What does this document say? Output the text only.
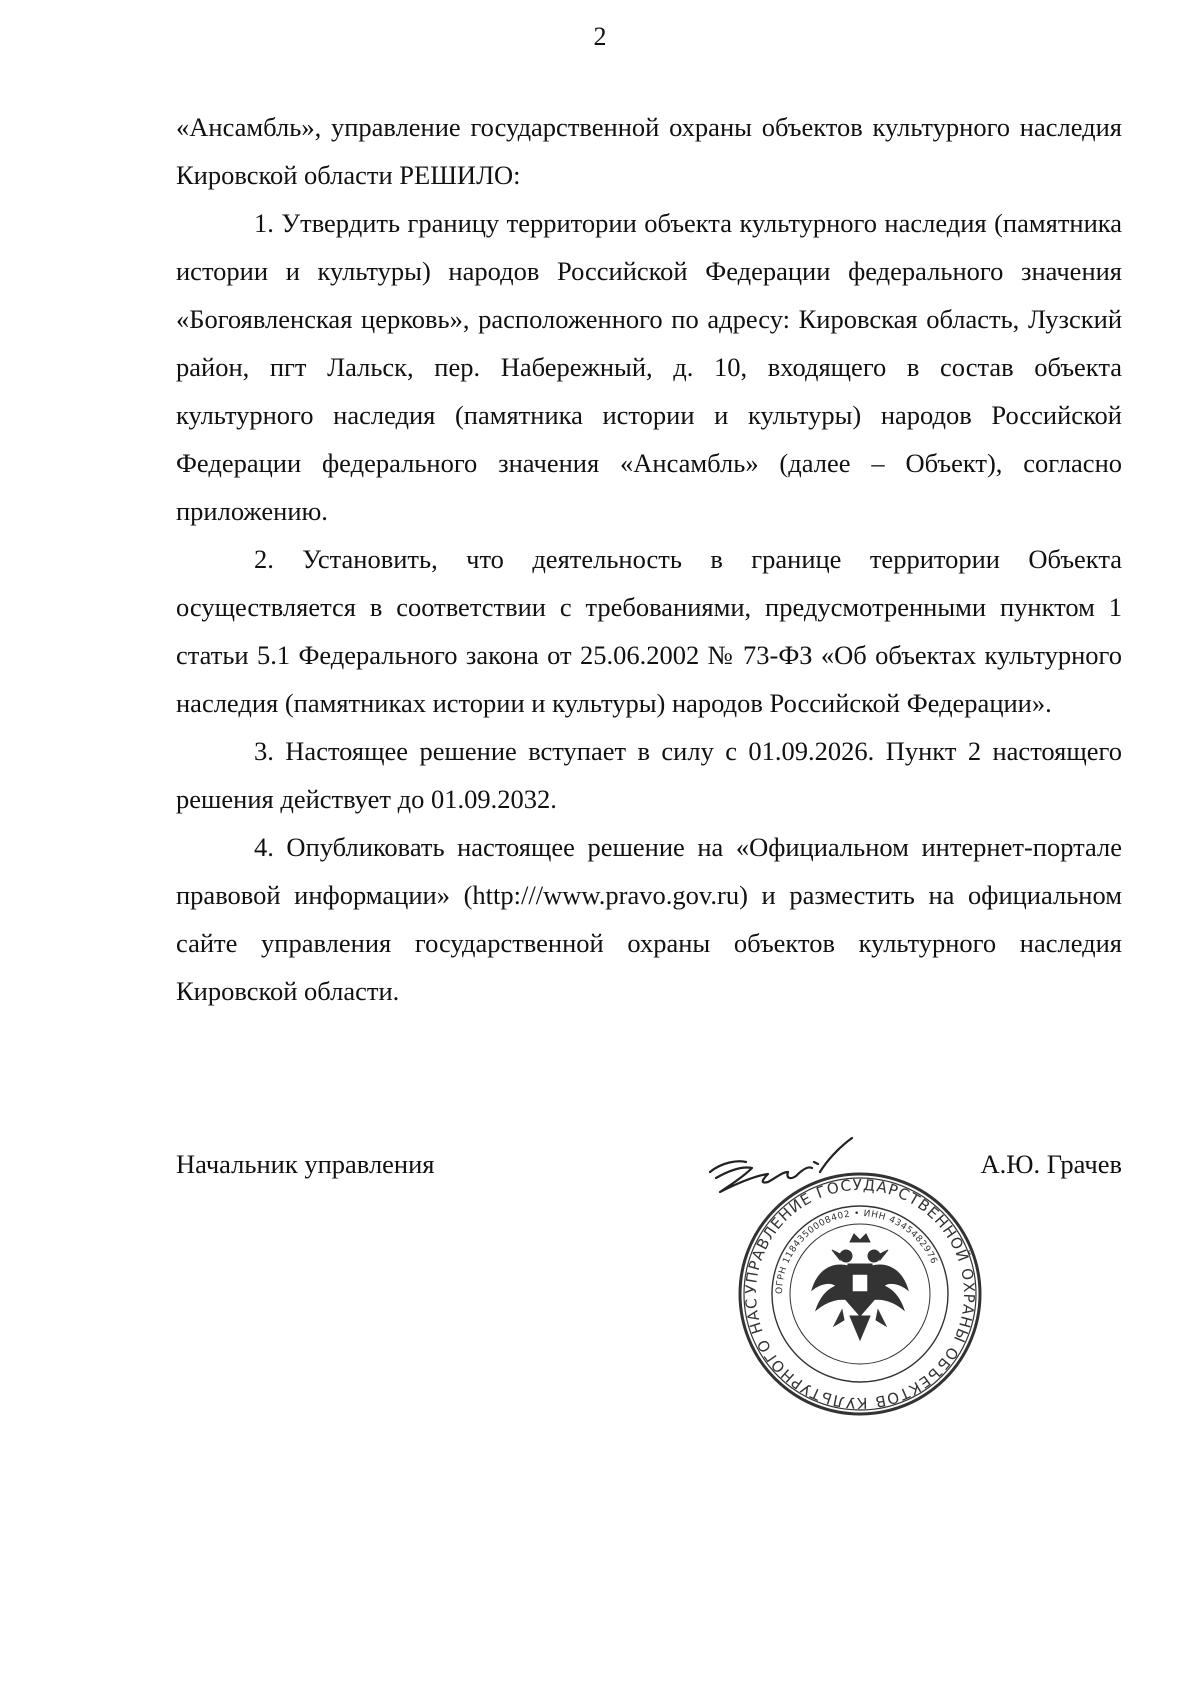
2

«Ансамбль», управление государственной охраны объектов культурного наследия Кировской области РЕШИЛО:

1. Утвердить границу территории объекта культурного наследия (памятника истории и культуры) народов Российской Федерации федерального значения «Богоявленская церковь», расположенного по адресу: Кировская область, Лузский район, пгт Лальск, пер. Набережный, д. 10, входящего в состав объекта культурного наследия (памятника истории и культуры) народов Российской Федерации федерального значения «Ансамбль» (далее – Объект), согласно приложению.

2. Установить, что деятельность в границе территории Объекта осуществляется в соответствии с требованиями, предусмотренными пунктом 1 статьи 5.1 Федерального закона от 25.06.2002 № 73-ФЗ «Об объектах культурного наследия (памятниках истории и культуры) народов Российской Федерации».

3. Настоящее решение вступает в силу с 01.09.2026. Пункт 2 настоящего решения действует до 01.09.2032.

4. Опубликовать настоящее решение на «Официальном интернет-портале правовой информации» (http:///www.pravo.gov.ru) и разместить на официальном сайте управления государственной охраны объектов культурного наследия Кировской области.

Начальник управления	А.Ю. Грачев
УПРАВЛЕНИЕ ГОСУДАРСТВЕННОЙ ОХРАНЫ ОБЪЕКТОВ КУЛЬТУРНОГО НАС
ОГРН 1184350008402 • ИНН 4345482976
